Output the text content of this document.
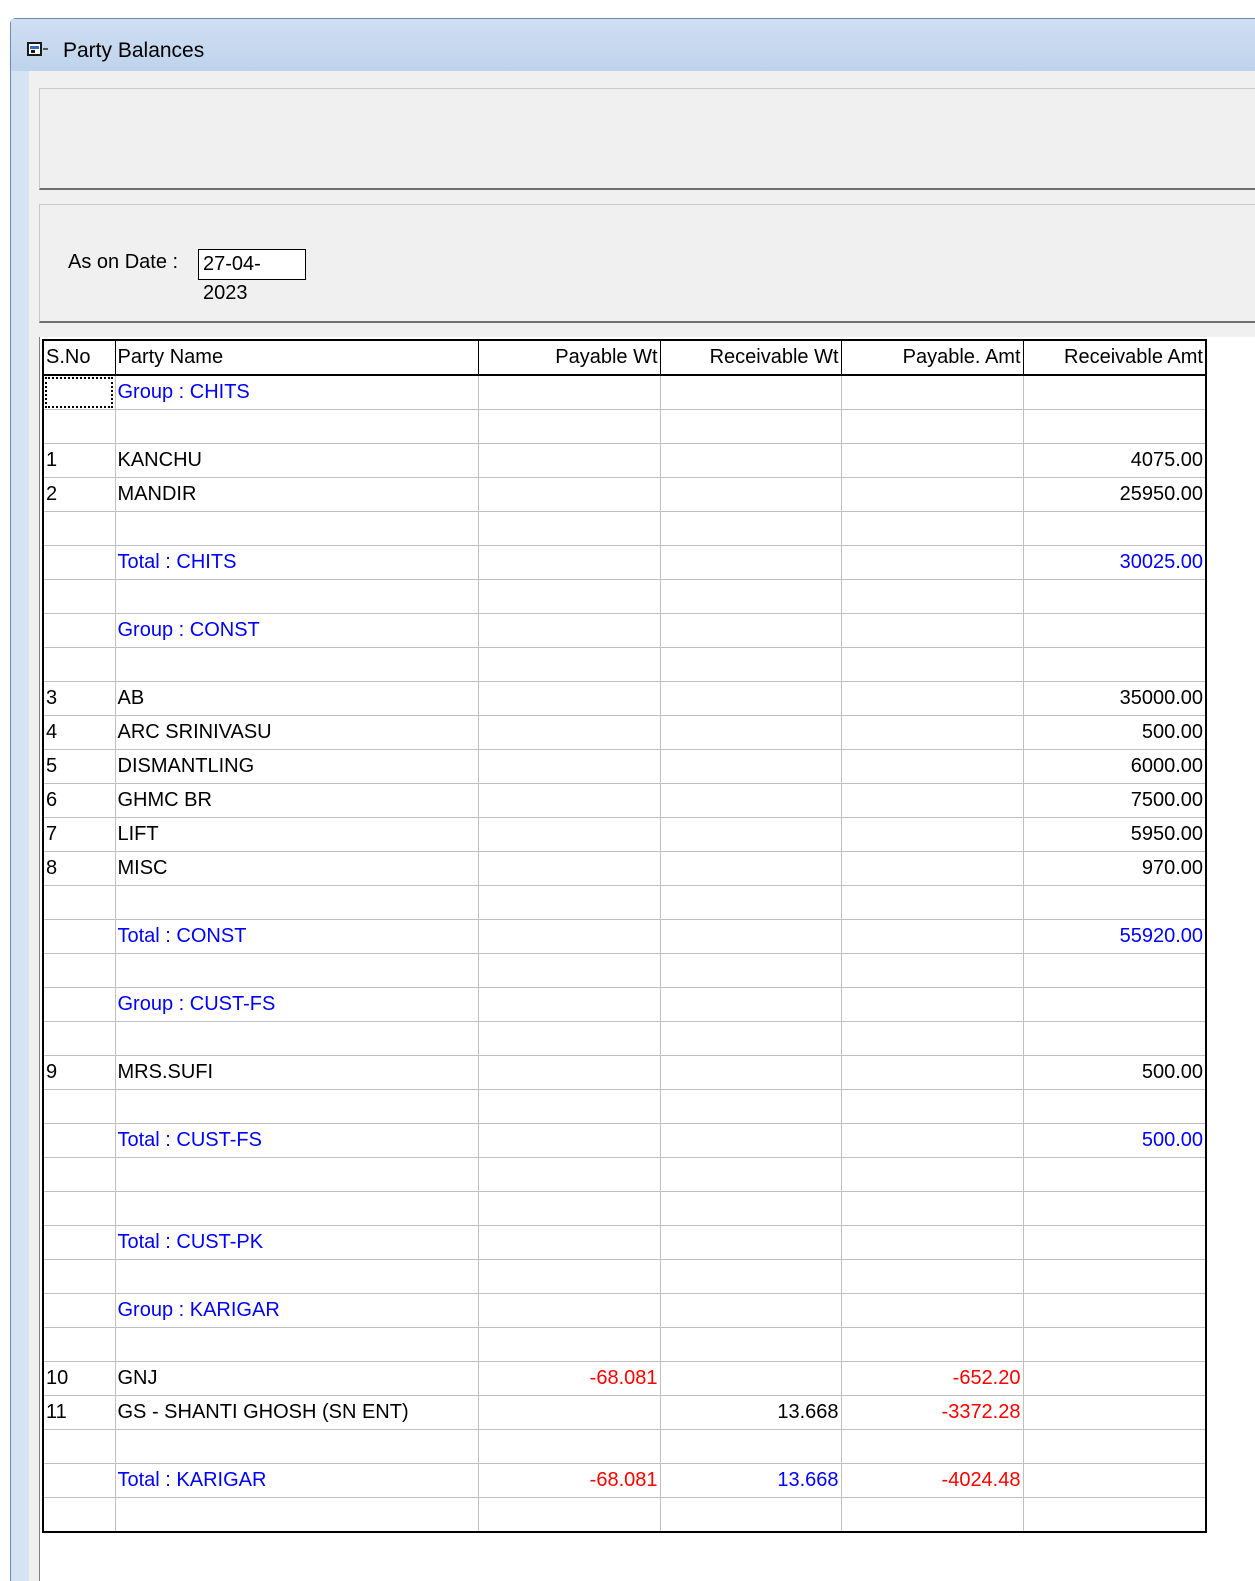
Party Balances
As on Date : 27-04-2023
S.No	Party Name	Payable Wt	Receivable Wt	Payable. Amt	Receivable Amt
	Group : CHITS				

1	KANCHU				4075.00
2	MANDIR				25950.00

	Total : CHITS				30025.00

	Group : CONST				

3	AB				35000.00
4	ARC SRINIVASU				500.00
5	DISMANTLING				6000.00
6	GHMC BR				7500.00
7	LIFT				5950.00
8	MISC				970.00

	Total : CONST				55920.00

	Group : CUST-FS				

9	MRS.SUFI				500.00

	Total : CUST-FS				500.00

	Total : CUST-PK				

	Group : KARIGAR				

10	GNJ	-68.081		-652.20	
11	GS - SHANTI GHOSH (SN ENT)		13.668	-3372.28	

	Total : KARIGAR	-68.081	13.668	-4024.48	
